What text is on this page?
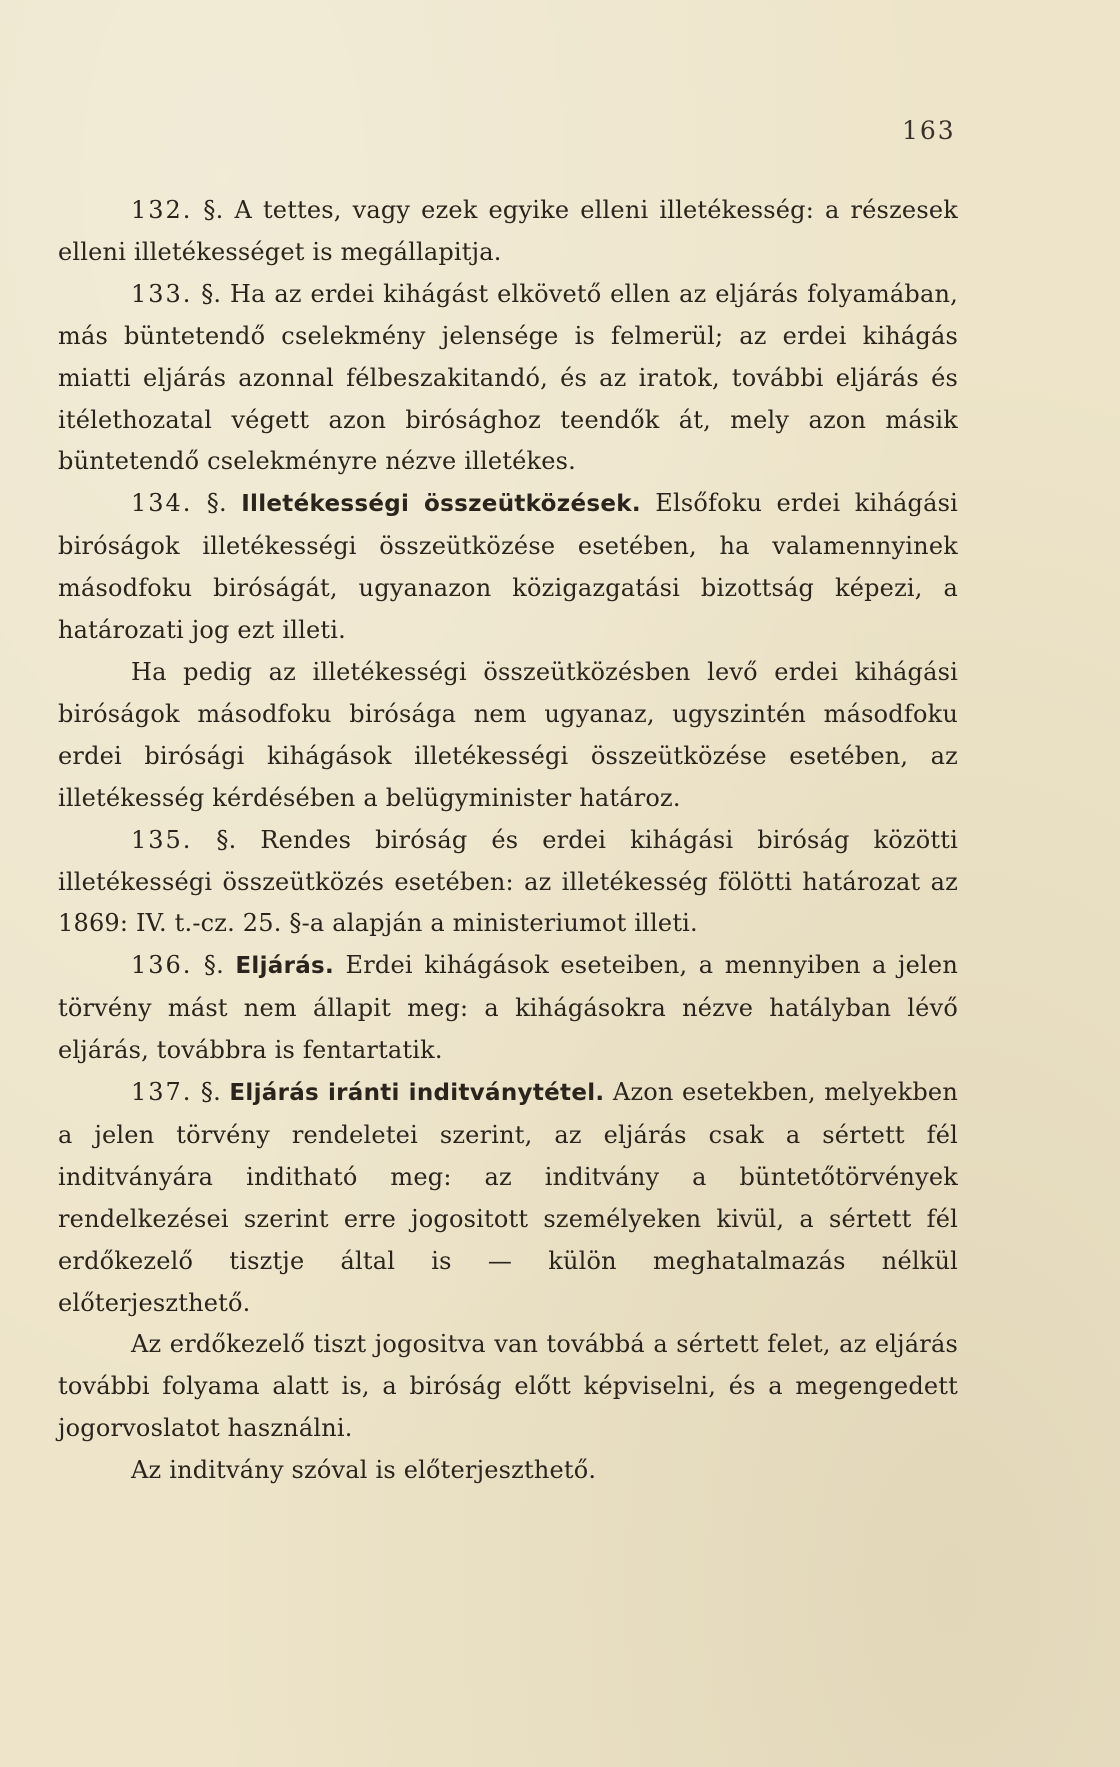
163

132. §. A tettes, vagy ezek egyike elleni illetékesség: a részesek elleni illetékességet is megállapitja.

133. §. Ha az erdei kihágást elkövető ellen az eljárás folyamában, más büntetendő cselekmény jelensége is felmerül; az erdei kihágás miatti eljárás azonnal félbeszakitandó, és az iratok, további eljárás és itélethozatal végett azon birósághoz teendők át, mely azon másik büntetendő cselekményre nézve illetékes.

134. §. Illetékességi összeütközések. Elsőfoku erdei kihágási biróságok illetékességi összeütközése esetében, ha valamennyinek másodfoku biróságát, ugyanazon közigazgatási bizottság képezi, a határozati jog ezt illeti.

Ha pedig az illetékességi összeütközésben levő erdei kihágási biróságok másodfoku birósága nem ugyanaz, ugyszintén másodfoku erdei birósági kihágások illetékességi összeütközése esetében, az illetékesség kérdésében a belügyminister határoz.

135. §. Rendes biróság és erdei kihágási biróság közötti illetékességi összeütközés esetében: az illetékesség fölötti határozat az 1869: IV. t.-cz. 25. §-a alapján a ministeriumot illeti.

136. §. Eljárás. Erdei kihágások eseteiben, a mennyiben a jelen törvény mást nem állapit meg: a kihágásokra nézve hatályban lévő eljárás, továbbra is fentartatik.

137. §. Eljárás iránti inditványtétel. Azon esetekben, melyekben a jelen törvény rendeletei szerint, az eljárás csak a sértett fél inditványára inditható meg: az inditvány a büntetőtörvények rendelkezései szerint erre jogositott személyeken kivül, a sértett fél erdőkezelő tisztje által is — külön meghatalmazás nélkül előterjeszthető.

Az erdőkezelő tiszt jogositva van továbbá a sértett felet, az eljárás további folyama alatt is, a biróság előtt képviselni, és a megengedett jogorvoslatot használni.

Az inditvány szóval is előterjeszthető.
